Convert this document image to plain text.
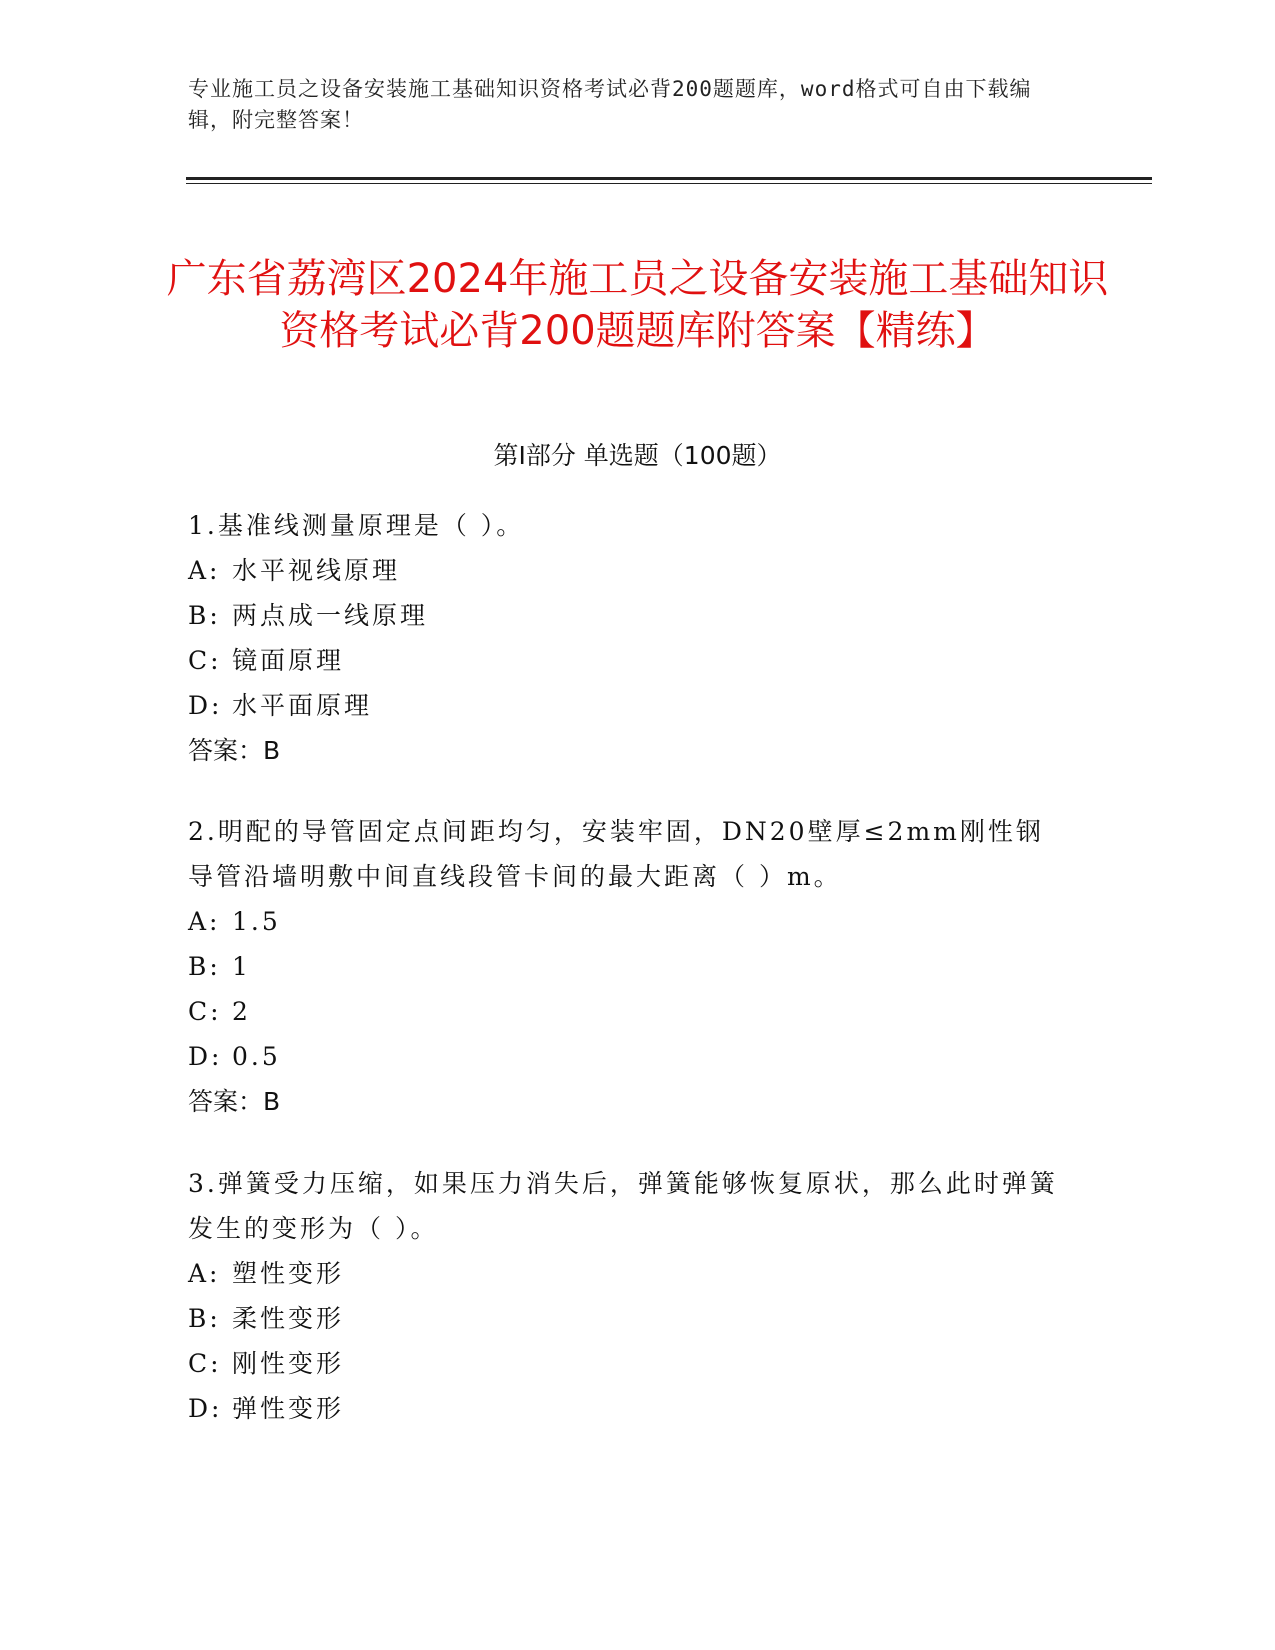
专业施工员之设备安装施工基础知识资格考试必背200题题库，word格式可自由下载编辑，附完整答案！
广东省荔湾区2024年施工员之设备安装施工基础知识资格考试必背200题题库附答案【精练】
第I部分 单选题（100题）

1.基准线测量原理是（ ）。

A: 水平视线原理

B: 两点成一线原理

C: 镜面原理

D: 水平面原理

答案：B

2.明配的导管固定点间距均匀，安装牢固，DN20壁厚≤2mm刚性钢导管沿墙明敷中间直线段管卡间的最大距离（ ）m。

A: 1.5

B: 1

C: 2

D: 0.5

答案：B

3.弹簧受力压缩，如果压力消失后，弹簧能够恢复原状，那么此时弹簧发生的变形为（ ）。

A: 塑性变形

B: 柔性变形

C: 刚性变形

D: 弹性变形
